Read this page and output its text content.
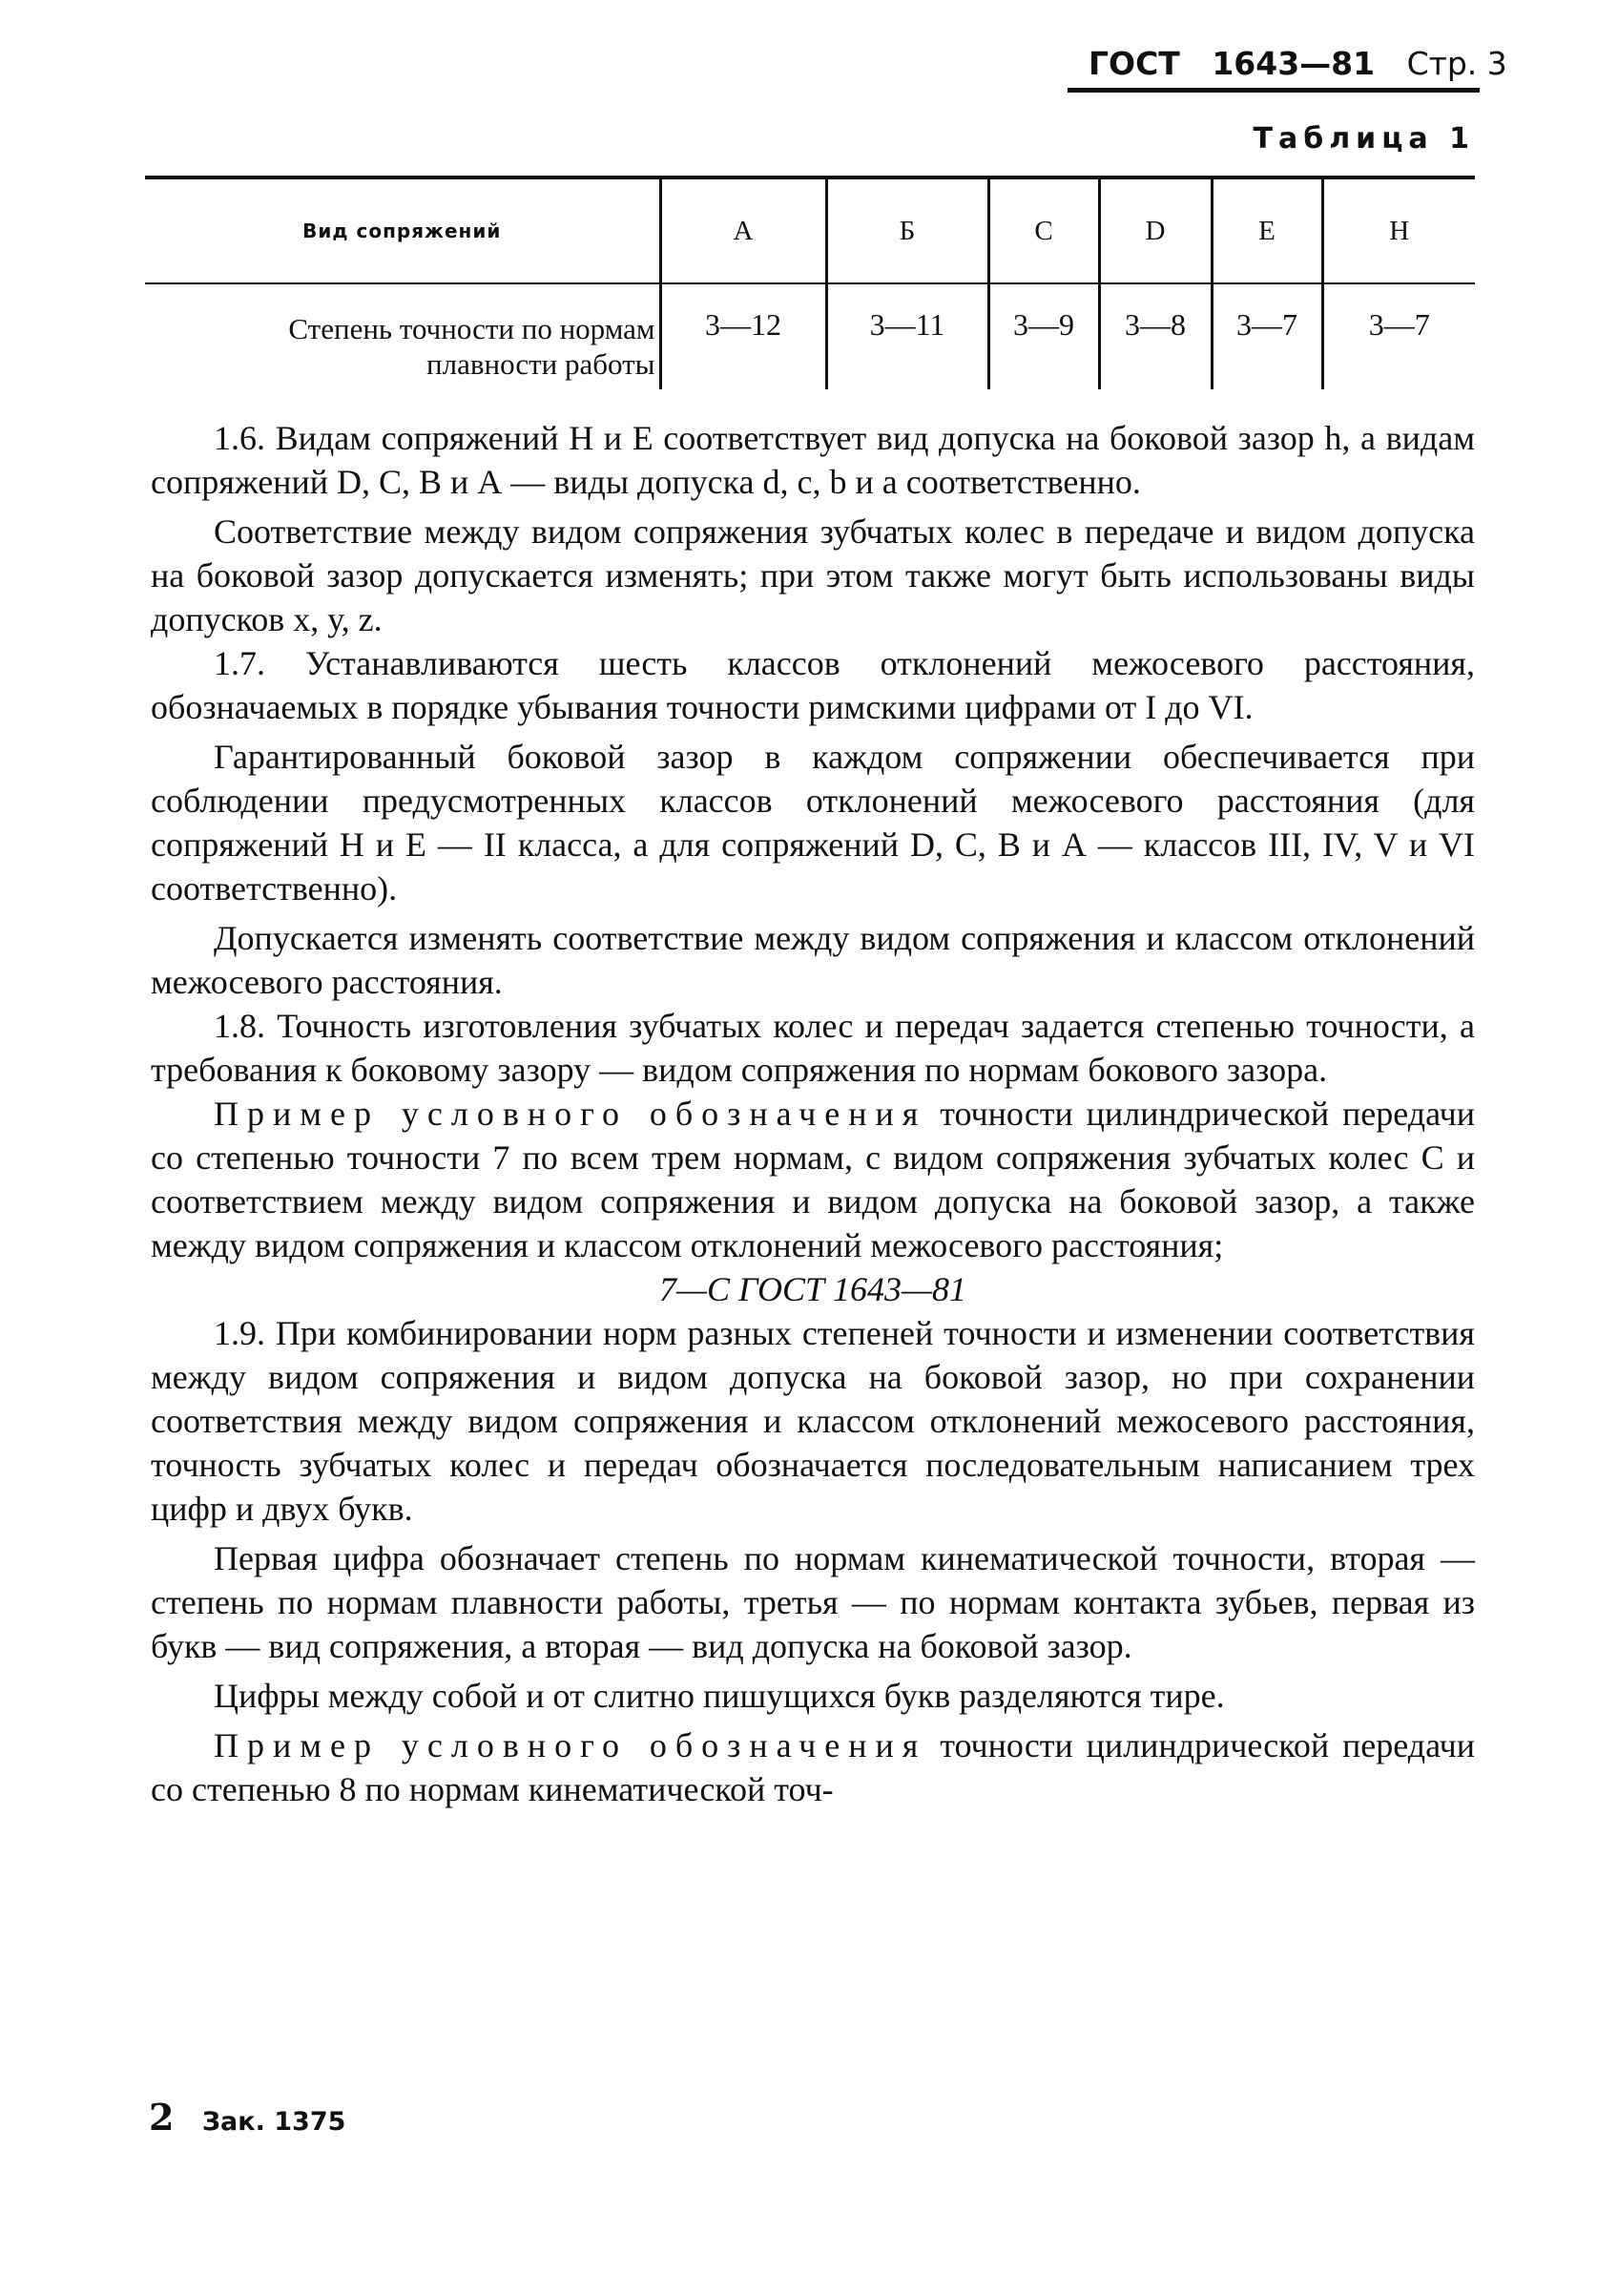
ГОСТ 1643—81 Стр. 3
Таблица 1
Вид сопряжений	А	Б	С	D	Е	Н
Степень точности по нормам плавности работы	3—12	3—11	3—9	3—8	3—7	3—7

1.6. Видам сопряжений Н и Е соответствует вид допуска на боковой зазор h, а видам сопряжений D, С, В и А — виды допуска d, с, b и а соответственно.

Соответствие между видом сопряжения зубчатых колес в передаче и видом допуска на боковой зазор допускается изменять; при этом также могут быть использованы виды допусков х, у, z.

1.7. Устанавливаются шесть классов отклонений межосевого расстояния, обозначаемых в порядке убывания точности римскими цифрами от I до VI.

Гарантированный боковой зазор в каждом сопряжении обеспечивается при соблюдении предусмотренных классов отклонений межосевого расстояния (для сопряжений Н и Е — II класса, а для сопряжений D, С, В и А — классов III, IV, V и VI соответственно).

Допускается изменять соответствие между видом сопряжения и классом отклонений межосевого расстояния.

1.8. Точность изготовления зубчатых колес и передач задается степенью точности, а требования к боковому зазору — видом сопряжения по нормам бокового зазора.

Пример условного обозначения точности цилиндрической передачи со степенью точности 7 по всем трем нормам, с видом сопряжения зубчатых колес С и соответствием между видом сопряжения и видом допуска на боковой зазор, а также между видом сопряжения и классом отклонений межосевого расстояния;

7—С ГОСТ 1643—81

1.9. При комбинировании норм разных степеней точности и изменении соответствия между видом сопряжения и видом допуска на боковой зазор, но при сохранении соответствия между видом сопряжения и классом отклонений межосевого расстояния, точность зубчатых колес и передач обозначается последовательным написанием трех цифр и двух букв.

Первая цифра обозначает степень по нормам кинематической точности, вторая — степень по нормам плавности работы, третья — по нормам контакта зубьев, первая из букв — вид сопряжения, а вторая — вид допуска на боковой зазор.

Цифры между собой и от слитно пишущихся букв разделяются тире.

Пример условного обозначения точности цилиндрической передачи со степенью 8 по нормам кинематической точ-

2 Зак. 1375
